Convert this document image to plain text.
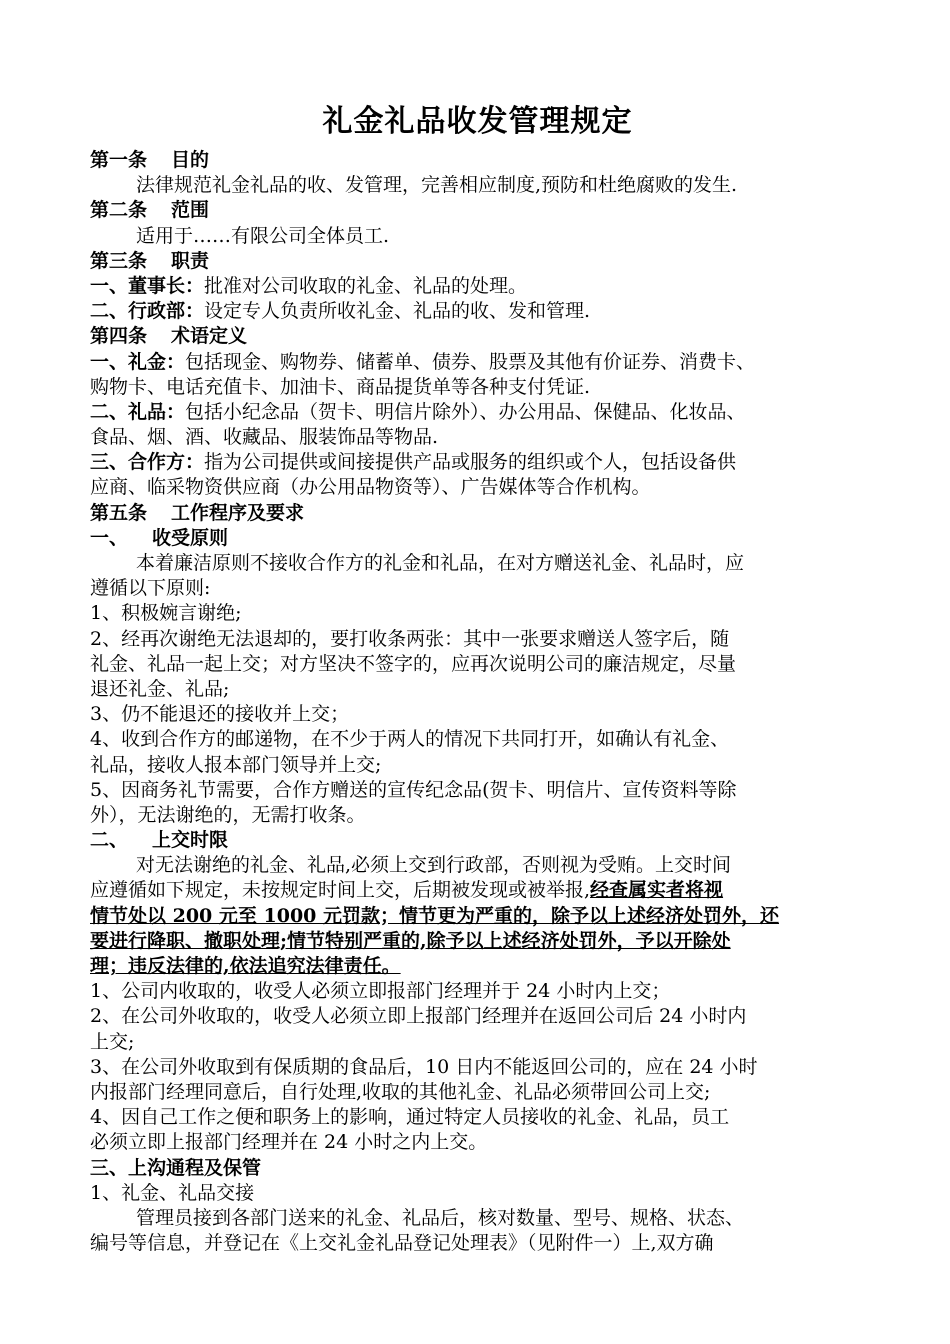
礼金礼品收发管理规定
第一条 目的
法律规范礼金礼品的收、发管理，完善相应制度,预防和杜绝腐败的发生.
第二条 范围
适用于……有限公司全体员工.
第三条 职责
一、董事长：批准对公司收取的礼金、礼品的处理。
二、行政部：设定专人负责所收礼金、礼品的收、发和管理.
第四条 术语定义
一、礼金：包括现金、购物券、储蓄单、债券、股票及其他有价证券、消费卡、
购物卡、电话充值卡、加油卡、商品提货单等各种支付凭证.
二、礼品：包括小纪念品（贺卡、明信片除外）、办公用品、保健品、化妆品、
食品、烟、酒、收藏品、服装饰品等物品.
三、合作方：指为公司提供或间接提供产品或服务的组织或个人，包括设备供
应商、临采物资供应商（办公用品物资等）、广告媒体等合作机构。
第五条 工作程序及要求
一、 收受原则
本着廉洁原则不接收合作方的礼金和礼品，在对方赠送礼金、礼品时，应
遵循以下原则:
1、积极婉言谢绝;
2、经再次谢绝无法退却的，要打收条两张：其中一张要求赠送人签字后，随
礼金、礼品一起上交；对方坚决不签字的，应再次说明公司的廉洁规定，尽量
退还礼金、礼品;
3、仍不能退还的接收并上交；
4、收到合作方的邮递物，在不少于两人的情况下共同打开，如确认有礼金、
礼品，接收人报本部门领导并上交;
5、因商务礼节需要，合作方赠送的宣传纪念品(贺卡、明信片、宣传资料等除
外），无法谢绝的，无需打收条。
二、 上交时限
对无法谢绝的礼金、礼品,必须上交到行政部，否则视为受贿。上交时间
应遵循如下规定，未按规定时间上交，后期被发现或被举报,经查属实者将视
情节处以 200 元至 1000 元罚款；情节更为严重的，除予以上述经济处罚外，还
要进行降职、撤职处理;情节特别严重的,除予以上述经济处罚外，予以开除处
理；违反法律的,依法追究法律责任。
1、公司内收取的，收受人必须立即报部门经理并于 24 小时内上交；
2、在公司外收取的，收受人必须立即上报部门经理并在返回公司后 24 小时内
上交;
3、在公司外收取到有保质期的食品后，10 日内不能返回公司的，应在 24 小时
内报部门经理同意后，自行处理,收取的其他礼金、礼品必须带回公司上交;
4、因自己工作之便和职务上的影响，通过特定人员接收的礼金、礼品，员工
必须立即上报部门经理并在 24 小时之内上交。
三、上沟通程及保管
1、礼金、礼品交接
管理员接到各部门送来的礼金、礼品后，核对数量、型号、规格、状态、
编号等信息，并登记在《上交礼金礼品登记处理表》（见附件一）上,双方确
